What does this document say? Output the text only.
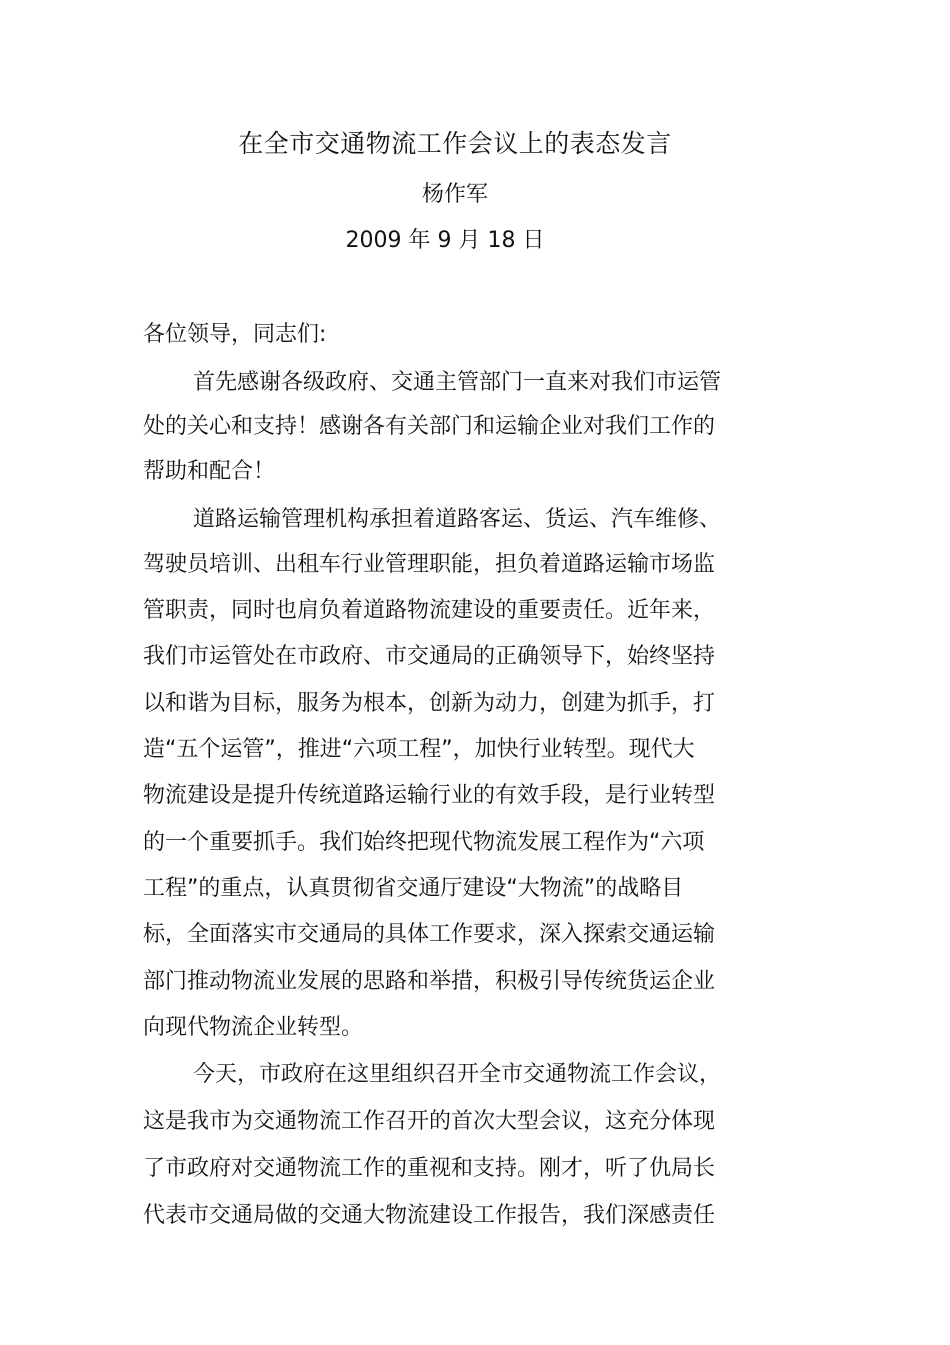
在全市交通物流工作会议上的表态发言
杨作军
2009 年 9 月 18 日
各位领导，同志们:
首先感谢各级政府、交通主管部门一直来对我们市运管
处的关心和支持！感谢各有关部门和运输企业对我们工作的
帮助和配合！
道路运输管理机构承担着道路客运、货运、汽车维修、
驾驶员培训、出租车行业管理职能，担负着道路运输市场监
管职责，同时也肩负着道路物流建设的重要责任。近年来，
我们市运管处在市政府、市交通局的正确领导下，始终坚持
以和谐为目标，服务为根本，创新为动力，创建为抓手，打
造“五个运管”，推进“六项工程”，加快行业转型。现代大
物流建设是提升传统道路运输行业的有效手段，是行业转型
的一个重要抓手。我们始终把现代物流发展工程作为“六项
工程”的重点，认真贯彻省交通厅建设“大物流”的战略目
标，全面落实市交通局的具体工作要求，深入探索交通运输
部门推动物流业发展的思路和举措，积极引导传统货运企业
向现代物流企业转型。
今天，市政府在这里组织召开全市交通物流工作会议，
这是我市为交通物流工作召开的首次大型会议，这充分体现
了市政府对交通物流工作的重视和支持。刚才，听了仇局长
代表市交通局做的交通大物流建设工作报告，我们深感责任
